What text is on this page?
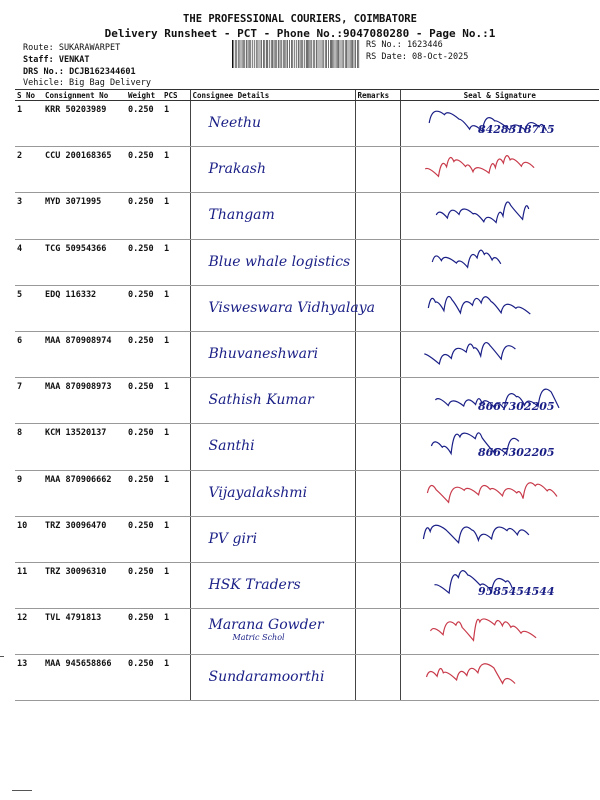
THE PROFESSIONAL COURIERS, COIMBATORE
Delivery Runsheet - PCT - Phone No.:9047080280 - Page No.:1
Route: SUKARAWARPET
Staff: VENKAT
DRS No.: DCJB162344601
Vehicle: Big Bag Delivery
RS No.: 1623446
RS Date: 08-Oct-2025
S No	Consignment No	Weight	PCS	Consignee Details	Remarks	Seal & Signature
1	KRR 50203989	0.250	1	Neethu		8428318715

2	CCU 200168365	0.250	1	Prakash

3	MYD 3071995	0.250	1	Thangam

4	TCG 50954366	0.250	1	Blue whale logistics

5	EDQ 116332	0.250	1	Visweswara Vidhyalaya

6	MAA 870908974	0.250	1	Bhuvaneshwari

7	MAA 870908973	0.250	1	Sathish Kumar		8667302205

8	KCM 13520137	0.250	1	Santhi		8667302205

9	MAA 870906662	0.250	1	Vijayalakshmi

10	TRZ 30096470	0.250	1	PV giri

11	TRZ 30096310	0.250	1	HSK Traders		9585454544

12	TVL 4791813	0.250	1	Marana Gowder
Matric Schol

13	MAA 945658866	0.250	1	Sundaramoorthi
